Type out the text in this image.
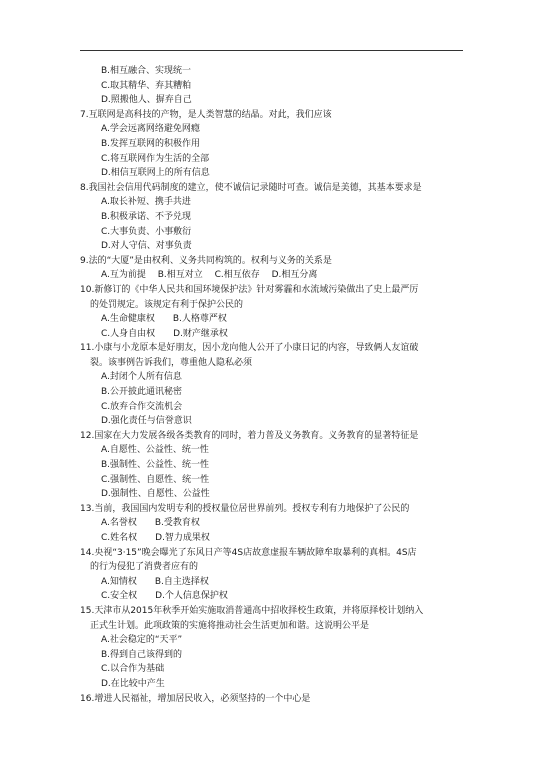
B.相互融合、实现统一
C.取其精华、弃其糟粕
D.照搬他人、摒弃自己
7.互联网是高科技的产物，是人类智慧的结晶。对此，我们应该
A.学会远离网络避免网瘾
B.发挥互联网的积极作用
C.将互联网作为生活的全部
D.相信互联网上的所有信息
8.我国社会信用代码制度的建立，使不诚信记录随时可查。诚信是美德，其基本要求是
A.取长补短、携手共进
B.积极承诺、不予兑现
C.大事负责、小事敷衍
D.对人守信、对事负责
9.法的“大厦”是由权利、义务共同构筑的。权利与义务的关系是
A.互为前提　 B.相互对立　 C.相互依存　 D.相互分离
10.新修订的《中华人民共和国环境保护法》针对雾霾和水流域污染做出了史上最严厉
的处罚规定。该规定有利于保护公民的
A.生命健康权　　B.人格尊严权
C.人身自由权　　D.财产继承权
11.小康与小龙原本是好朋友，因小龙向他人公开了小康日记的内容，导致俩人友谊破
裂。该事例告诉我们，尊重他人隐私必须
A.封闭个人所有信息
B.公开披此通讯秘密
C.放弃合作交流机会
D.强化责任与信誉意识
12.国家在大力发展各级各类教育的同时，着力普及义务教育。义务教育的显著特征是
A.自愿性、公益性、统一性
B.强制性、公益性、统一性
C.强制性、自愿性、统一性
D.强制性、自愿性、公益性
13.当前，我国国内发明专利的授权量位居世界前列。授权专利有力地保护了公民的
A.名誉权　　B.受教育权
C.姓名权　　D.智力成果权
14.央视“3·15”晚会曝光了东风日产等4S店故意虚报车辆故障牟取暴利的真相。4S店
的行为侵犯了消费者应有的
A.知情权　　B.自主选择权
C.安全权　　D.个人信息保护权
15.天津市从2015年秋季开始实施取消普通高中招收择校生政策，并将原择校计划纳入
正式生计划。此项政策的实施将推动社会生活更加和谐。这说明公平是
A.社会稳定的“天平”
B.得到自己该得到的
C.以合作为基础
D.在比较中产生
16.增进人民福祉，增加居民收入，必须坚持的一个中心是
